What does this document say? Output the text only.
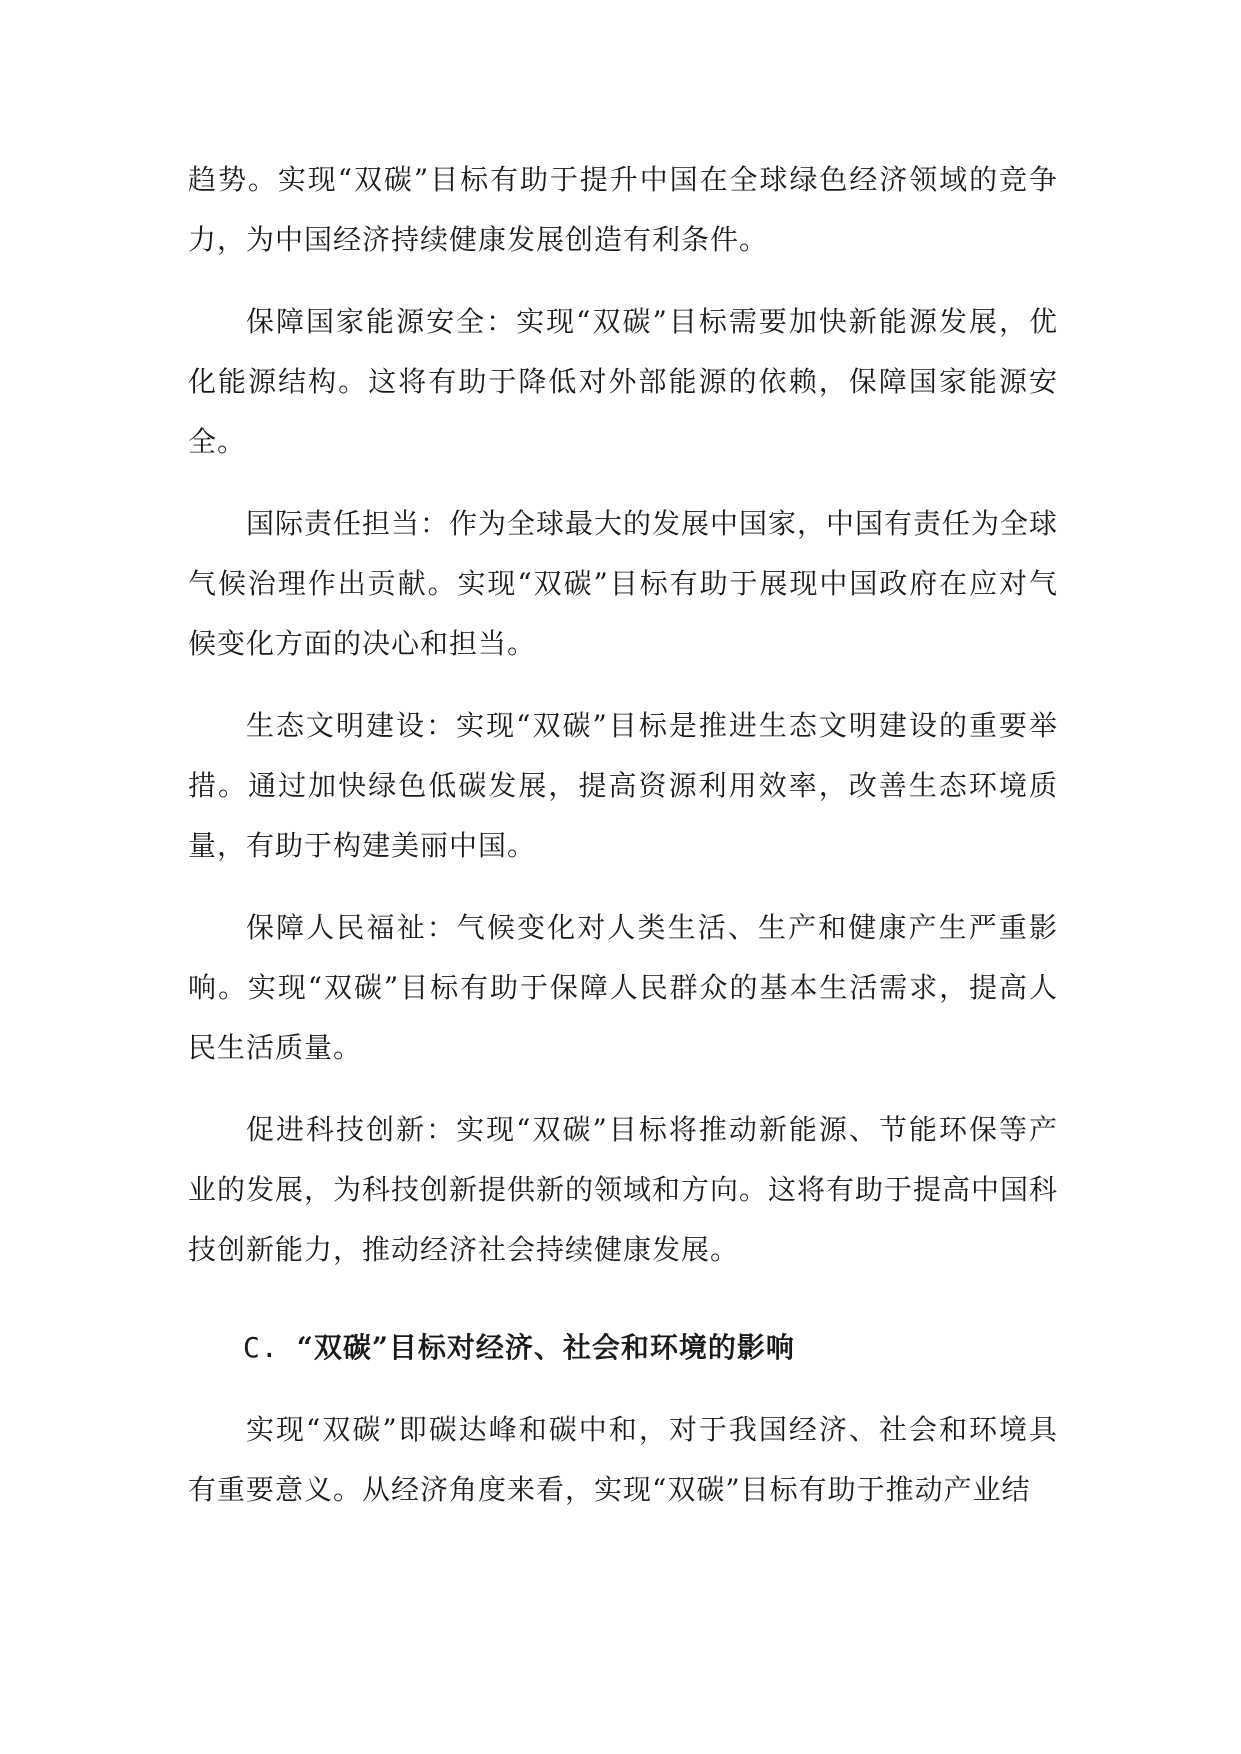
趋势。实现“双碳”目标有助于提升中国在全球绿色经济领域的竞争力，为中国经济持续健康发展创造有利条件。

保障国家能源安全：实现“双碳”目标需要加快新能源发展，优化能源结构。这将有助于降低对外部能源的依赖，保障国家能源安全。

国际责任担当：作为全球最大的发展中国家，中国有责任为全球气候治理作出贡献。实现“双碳”目标有助于展现中国政府在应对气候变化方面的决心和担当。

生态文明建设：实现“双碳”目标是推进生态文明建设的重要举措。通过加快绿色低碳发展，提高资源利用效率，改善生态环境质量，有助于构建美丽中国。

保障人民福祉：气候变化对人类生活、生产和健康产生严重影响。实现“双碳”目标有助于保障人民群众的基本生活需求，提高人民生活质量。

促进科技创新：实现“双碳”目标将推动新能源、节能环保等产业的发展，为科技创新提供新的领域和方向。这将有助于提高中国科技创新能力，推动经济社会持续健康发展。

C. “双碳”目标对经济、社会和环境的影响

实现“双碳”即碳达峰和碳中和，对于我国经济、社会和环境具有重要意义。从经济角度来看，实现“双碳”目标有助于推动产业结
